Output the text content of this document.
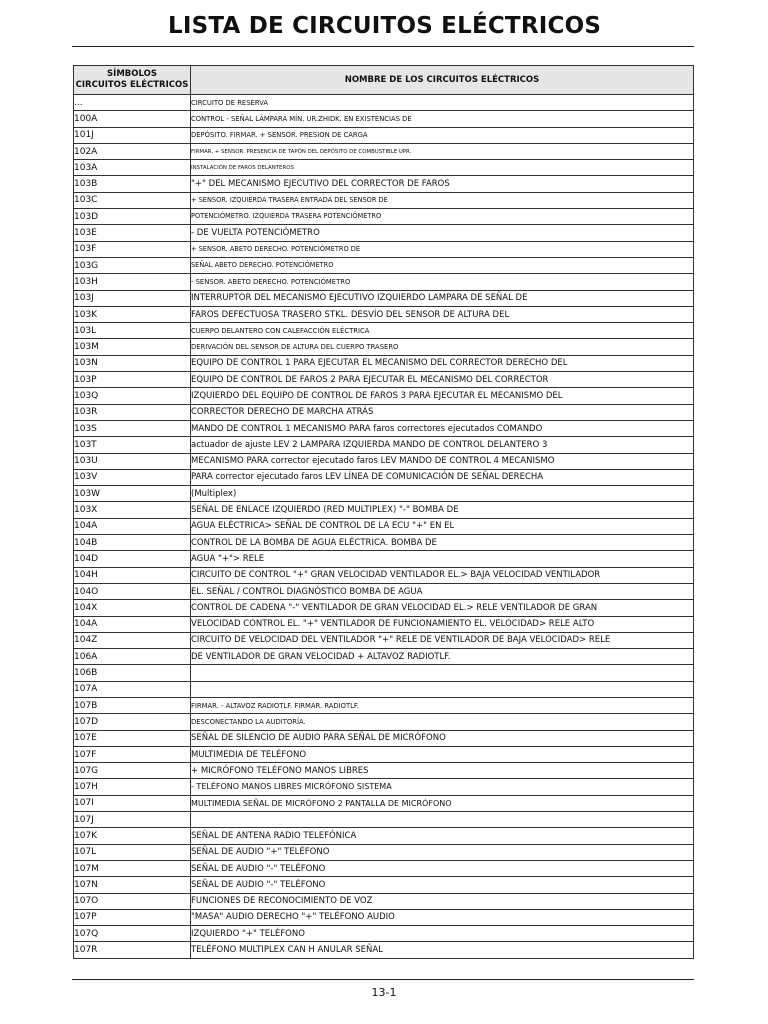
LISTA DE CIRCUITOS ELÉCTRICOS
SÍMBOLOS
CIRCUITOS ELÉCTRICOS	NOMBRE DE LOS CIRCUITOS ELÉCTRICOS
...	CIRCUITO DE RESERVA
100A	CONTROL - SEÑAL LÁMPARA MÍN. UR.ZHIDK. EN EXISTENCIAS DE
101J	DEPÓSITO. FIRMAR. + SENSOR. PRESION DE CARGA
102A	FIRMAR. + SENSOR. PRESENCIA DE TAPÓN DEL DEPÓSITO DE COMBUSTIBLE UPR.
103A	INSTALACIÓN DE FAROS DELANTEROS
103B	"+" DEL MECANISMO EJECUTIVO DEL CORRECTOR DE FAROS
103C	+ SENSOR. IZQUIERDA TRASERA ENTRADA DEL SENSOR DE
103D	POTENCIÓMETRO. IZQUIERDA TRASERA POTENCIÓMETRO
103E	- DE VUELTA POTENCIÓMETRO
103F	+ SENSOR. ABETO DERECHO. POTENCIÓMETRO DE
103G	SEÑAL ABETO DERECHO. POTENCIÓMETRO
103H	- SENSOR. ABETO DERECHO. POTENCIÓMETRO
103J	INTERRUPTOR DEL MECANISMO EJECUTIVO IZQUIERDO LAMPARA DE SEÑAL DE
103K	FAROS DEFECTUOSA TRASERO STKL. DESVÍO DEL SENSOR DE ALTURA DEL
103L	CUERPO DELANTERO CON CALEFACCIÓN ELÉCTRICA
103M	DERIVACIÓN DEL SENSOR DE ALTURA DEL CUERPO TRASERO
103N	EQUIPO DE CONTROL 1 PARA EJECUTAR EL MECANISMO DEL CORRECTOR DERECHO DEL
103P	EQUIPO DE CONTROL DE FAROS 2 PARA EJECUTAR EL MECANISMO DEL CORRECTOR
103Q	IZQUIERDO DEL EQUIPO DE CONTROL DE FAROS 3 PARA EJECUTAR EL MECANISMO DEL
103R	CORRECTOR DERECHO DE MARCHA ATRÁS
103S	MANDO DE CONTROL 1 MECANISMO PARA faros correctores ejecutados COMANDO
103T	actuador de ajuste LEV 2 LAMPARA IZQUIERDA MANDO DE CONTROL DELANTERO 3
103U	MECANISMO PARA corrector ejecutado faros LEV MANDO DE CONTROL 4 MECANISMO
103V	PARA corrector ejecutado faros LEV LÍNEA DE COMUNICACIÓN DE SEÑAL DERECHA
103W	(Multiplex)
103X	SEÑAL DE ENLACE IZQUIERDO (RED MULTIPLEX) "-" BOMBA DE
104A	AGUA ELÉCTRICA> SEÑAL DE CONTROL DE LA ECU "+" EN EL
104B	CONTROL DE LA BOMBA DE AGUA ELÉCTRICA. BOMBA DE
104D	AGUA "+"> RELE
104H	CIRCUITO DE CONTROL "+" GRAN VELOCIDAD VENTILADOR EL.> BAJA VELOCIDAD VENTILADOR
104O	EL. SEÑAL / CONTROL DIAGNÓSTICO BOMBA DE AGUA
104X	CONTROL DE CADENA "-" VENTILADOR DE GRAN VELOCIDAD EL.> RELE VENTILADOR DE GRAN
104A	VELOCIDAD CONTROL EL. "+" VENTILADOR DE FUNCIONAMIENTO EL. VELOCIDAD> RELE ALTO
104Z	CIRCUITO DE VELOCIDAD DEL VENTILADOR "+" RELE DE VENTILADOR DE BAJA VELOCIDAD> RELE
106A	DE VENTILADOR DE GRAN VELOCIDAD + ALTAVOZ RADIOTLF.
106B	
107A	
107B	FIRMAR. - ALTAVOZ RADIOTLF. FIRMAR. RADIOTLF.
107D	DESCONECTANDO LA AUDITORÍA.
107E	SEÑAL DE SILENCIO DE AUDIO PARA SEÑAL DE MICRÓFONO
107F	MULTIMEDIA DE TELÉFONO
107G	+ MICRÓFONO TELÉFONO MANOS LIBRES
107H	- TELÉFONO MANOS LIBRES MICRÓFONO SISTEMA
107I	MULTIMEDIA SEÑAL DE MICRÓFONO 2 PANTALLA DE MICRÓFONO
107J	
107K	SEÑAL DE ANTENA RADIO TELEFÓNICA
107L	SEÑAL DE AUDIO "+" TELÉFONO
107M	SEÑAL DE AUDIO "-" TELÉFONO
107N	SEÑAL DE AUDIO "-" TELÉFONO
107O	FUNCIONES DE RECONOCIMIENTO DE VOZ
107P	"MASA" AUDIO DERECHO "+" TELÉFONO AUDIO
107Q	IZQUIERDO "+" TELÉFONO
107R	TELÉFONO MULTIPLEX CAN H ANULAR SEÑAL
13-1
